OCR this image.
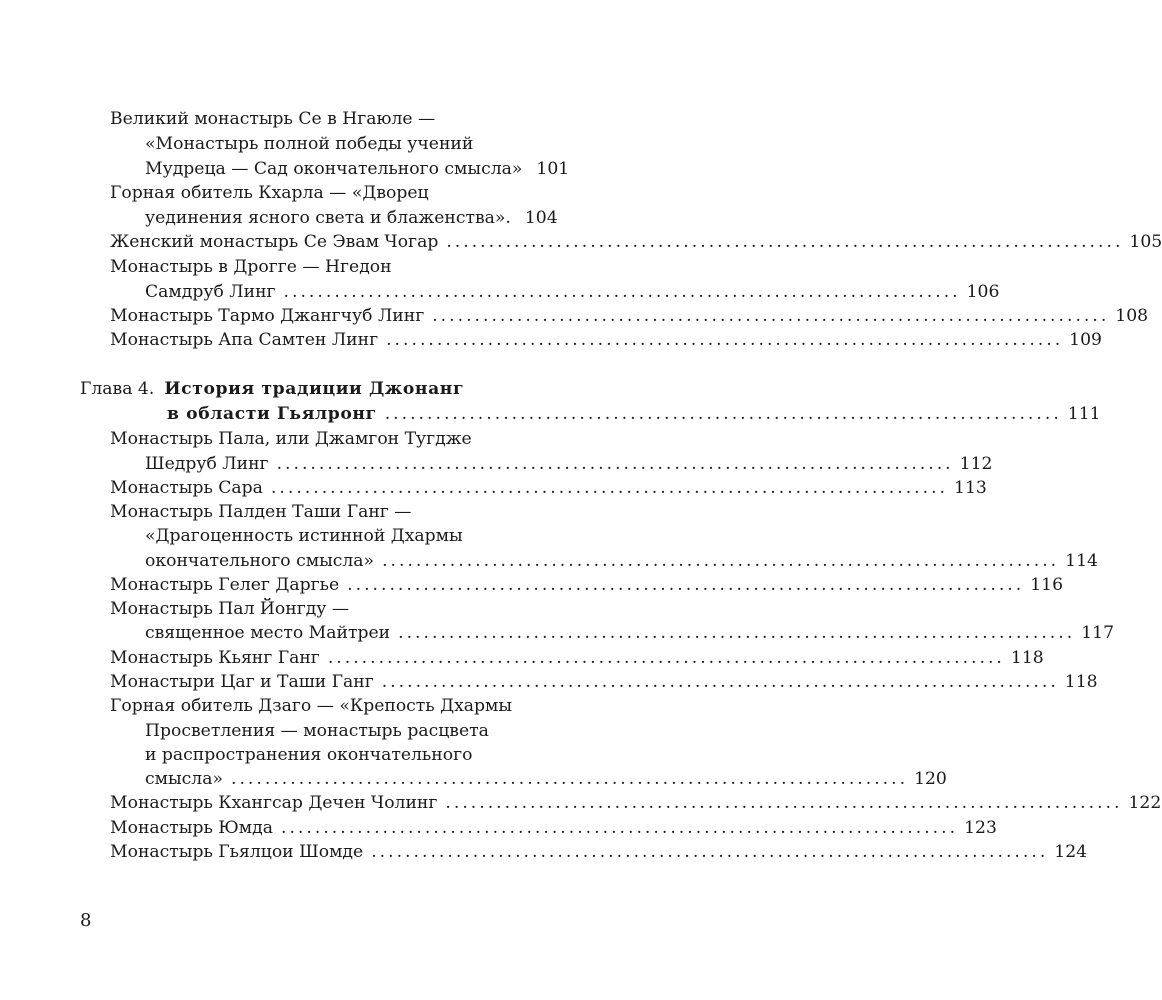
Великий монастырь Се в Нгаюле —
«Монастырь полной победы учений
Мудреца — Сад окончательного смысла» 101
Горная обитель Кхарла — «Дворец
уединения ясного света и блаженства». 104
Женский монастырь Се Эвам Чогар ................................................................................ 105
Монастырь в Дрогге — Нгедон
Самдруб Линг ................................................................................ 106
Монастырь Тармо Джангчуб Линг ................................................................................ 108
Монастырь Апа Самтен Линг ................................................................................ 109
Глава 4. История традиции Джонанг
в области Гьялронг ................................................................................ 111
Монастырь Пала, или Джамгон Тугдже
Шедруб Линг ................................................................................ 112
Монастырь Сара ................................................................................ 113
Монастырь Палден Таши Ганг —
«Драгоценность истинной Дхармы
окончательного смысла» ................................................................................ 114
Монастырь Гелег Даргье ................................................................................ 116
Монастырь Пал Йонгду —
священное место Майтреи ................................................................................ 117
Монастырь Кьянг Ганг ................................................................................ 118
Монастыри Цаг и Таши Ганг ................................................................................ 118
Горная обитель Дзаго — «Крепость Дхармы
Просветления — монастырь расцвета
и распространения окончательного
смысла» ................................................................................ 120
Монастырь Кхангсар Дечен Чолинг ................................................................................ 122
Монастырь Юмда ................................................................................ 123
Монастырь Гьялцои Шомде ................................................................................ 124
8
